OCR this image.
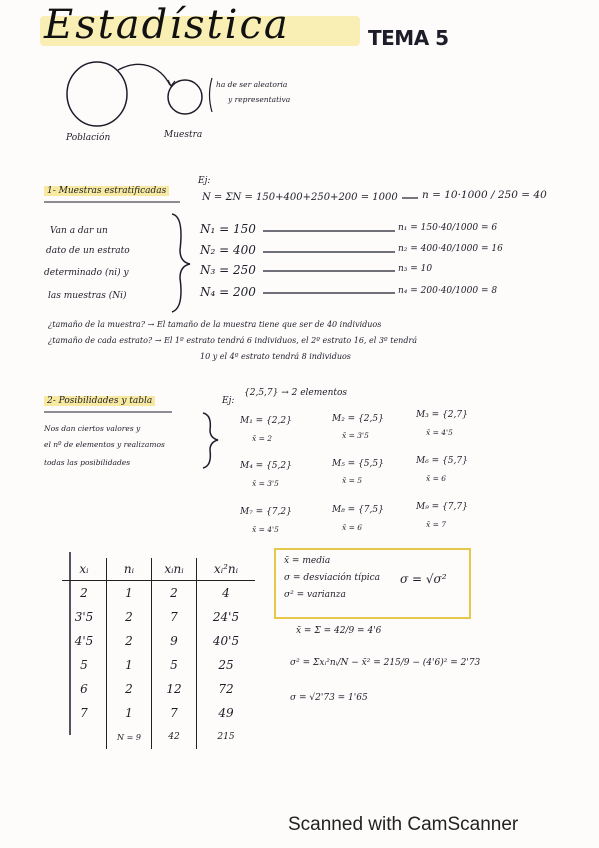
Estadística	TEMA 5
Población	Muestra
ha de ser aleatoria
y representativa
1- Muestras estratificadas
Ej:
N = ΣN = 150+400+250+200 = 1000 n = 10·1000 / 250 = 40
Van a dar un
dato de un estrato
determinado (ni) y
las muestras (Ni)
N₁ = 150
N₂ = 400
N₃ = 250
N₄ = 200
n₁ = 150·40/1000 = 6
n₂ = 400·40/1000 = 16
n₃ = 10
n₄ = 200·40/1000 = 8
¿tamaño de la muestra? → El tamaño de la muestra tiene que ser de 40 individuos
¿tamaño de cada estrato? → El 1º estrato tendrá 6 individuos, el 2º estrato 16, el 3º tendrá
10 y el 4º estrato tendrá 8 individuos
2- Posibilidades y tabla
Nos dan ciertos valores y
el nº de elementos y realizamos
todas las posibilidades
Ej:
{2,5,7} → 2 elementos
M₁ = {2,2}
x̄ = 2
M₂ = {2,5}
x̄ = 3'5
M₃ = {2,7}
x̄ = 4'5
M₄ = {5,2}
x̄ = 3'5
M₅ = {5,5}
x̄ = 5
M₆ = {5,7}
x̄ = 6
M₇ = {7,2}
x̄ = 4'5
M₈ = {7,5}
x̄ = 6
M₉ = {7,7}
x̄ = 7
xᵢ	nᵢ	xᵢnᵢ	xᵢ²nᵢ
2	1	2	4
3'5	2	7	24'5
4'5	2	9	40'5
5	1	5	25
6	2	12	72
7	1	7	49
	N = 9	42	215
x̄ = media
σ = desviación típica
σ² = varianza
σ = √σ²
x̄ = Σ = 42/9 = 4'6
σ² = Σxᵢ²nᵢ/N − x̄² = 215/9 − (4'6)² = 2'73
σ = √2'73 = 1'65
Scanned with CamScanner
